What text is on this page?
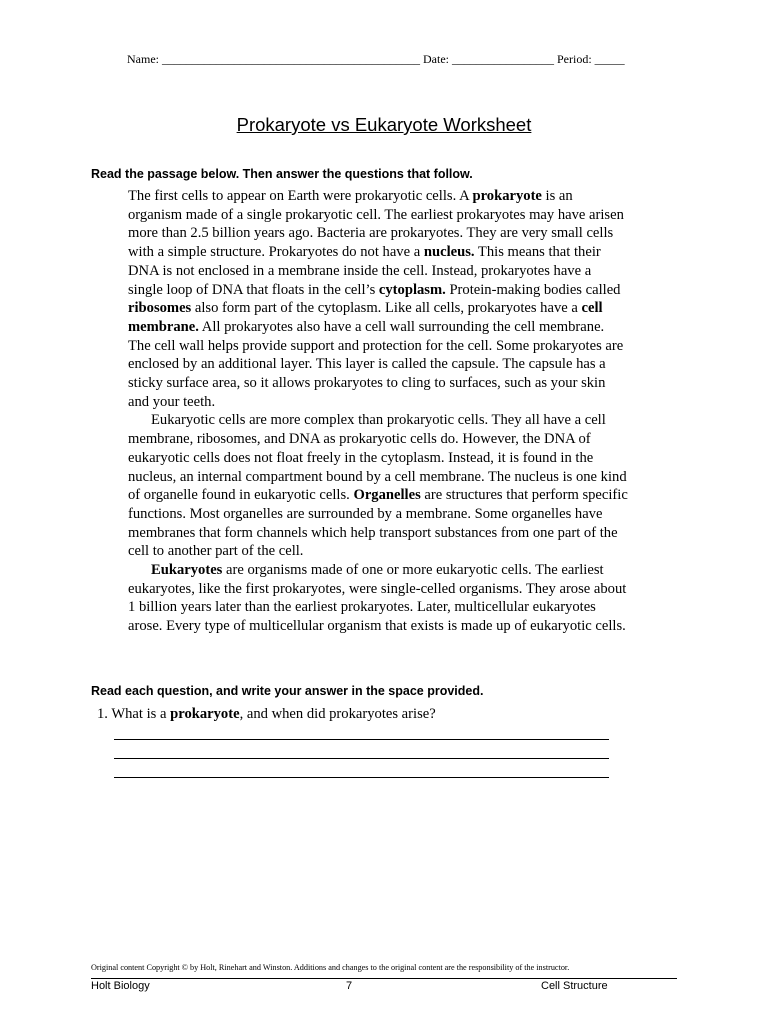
Name: ___________________________________________ Date: _________________ Period: _____
Prokaryote vs Eukaryote Worksheet
Read the passage below. Then answer the questions that follow.

The first cells to appear on Earth were prokaryotic cells. A prokaryote is an organism made of a single prokaryotic cell. The earliest prokaryotes may have arisen more than 2.5 billion years ago. Bacteria are prokaryotes. They are very small cells with a simple structure. Prokaryotes do not have a nucleus. This means that their DNA is not enclosed in a membrane inside the cell. Instead, prokaryotes have a single loop of DNA that floats in the cell’s cytoplasm. Protein-making bodies called ribosomes also form part of the cytoplasm. Like all cells, prokaryotes have a cell membrane. All prokaryotes also have a cell wall surrounding the cell membrane. The cell wall helps provide support and protection for the cell. Some prokaryotes are enclosed by an additional layer. This layer is called the capsule. The capsule has a sticky surface area, so it allows prokaryotes to cling to surfaces, such as your skin and your teeth.

Eukaryotic cells are more complex than prokaryotic cells. They all have a cell membrane, ribosomes, and DNA as prokaryotic cells do. However, the DNA of eukaryotic cells does not float freely in the cytoplasm. Instead, it is found in the nucleus, an internal compartment bound by a cell membrane. The nucleus is one kind of organelle found in eukaryotic cells. Organelles are structures that perform specific functions. Most organelles are surrounded by a membrane. Some organelles have membranes that form channels which help transport substances from one part of the cell to another part of the cell.

Eukaryotes are organisms made of one or more eukaryotic cells. The earliest eukaryotes, like the first prokaryotes, were single-celled organisms. They arose about 1 billion years later than the earliest prokaryotes. Later, multicellular eukaryotes arose. Every type of multicellular organism that exists is made up of eukaryotic cells.

Read each question, and write your answer in the space provided.
1. What is a prokaryote, and when did prokaryotes arise?
Original content Copyright © by Holt, Rinehart and Winston. Additions and changes to the original content are the responsibility of the instructor.
Holt Biology	7	Cell Structure
